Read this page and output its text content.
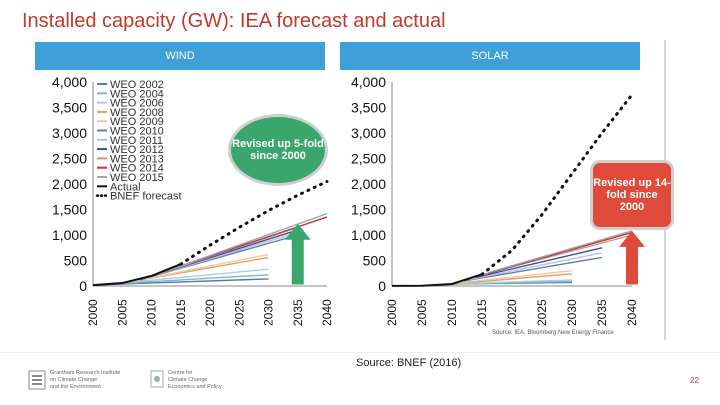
Installed capacity (GW): IEA forecast and actual
WIND	SOLAR
0
500
1,000
1,500
2,000
2,500
3,000
3,500
4,000
2000 2005 2010 2015 2020 2025 2030 2035 2040
WEO 2002
WEO 2004
WEO 2006
WEO 2008
WEO 2009
WEO 2010
WEO 2011
WEO 2012
WEO 2013
WEO 2014
WEO 2015
Actual
BNEF forecast
0
500
1,000
1,500
2,000
2,500
3,000
3,500
4,000
2000 2005 2010 2015 2020 2025 2030 2035 2040
Revised up 5-fold since 2000
Revised up 14-fold since 2000
Source: IEA, Bloomberg New Energy Finance
Grantham Research Institute
on Climate Change
and the Environment
Centre for
Climate Change
Economics and Policy
Source: BNEF (2016)
22
